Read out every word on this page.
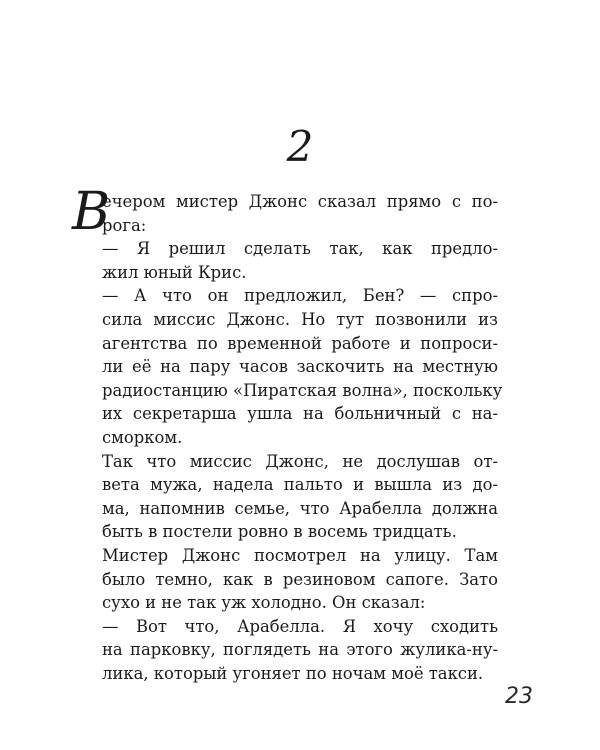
2
В
ечером мистер Джонс сказал прямо с по-
рога:
— Я решил сделать так, как предло-
жил юный Крис.
— А что он предложил, Бен? — спро-
сила миссис Джонс. Но тут позвонили из
агентства по временной работе и попроси-
ли её на пару часов заскочить на местную
радиостанцию «Пиратская волна», поскольку
их секретарша ушла на больничный с на-
сморком.
Так что миссис Джонс, не дослушав от-
вета мужа, надела пальто и вышла из до-
ма, напомнив семье, что Арабелла должна
быть в постели ровно в восемь тридцать.
Мистер Джонс посмотрел на улицу. Там
было темно, как в резиновом сапоге. Зато
сухо и не так уж холодно. Он сказал:
— Вот что, Арабелла. Я хочу сходить
на парковку, поглядеть на этого жулика-ну-
лика, который угоняет по ночам моё такси.
23
